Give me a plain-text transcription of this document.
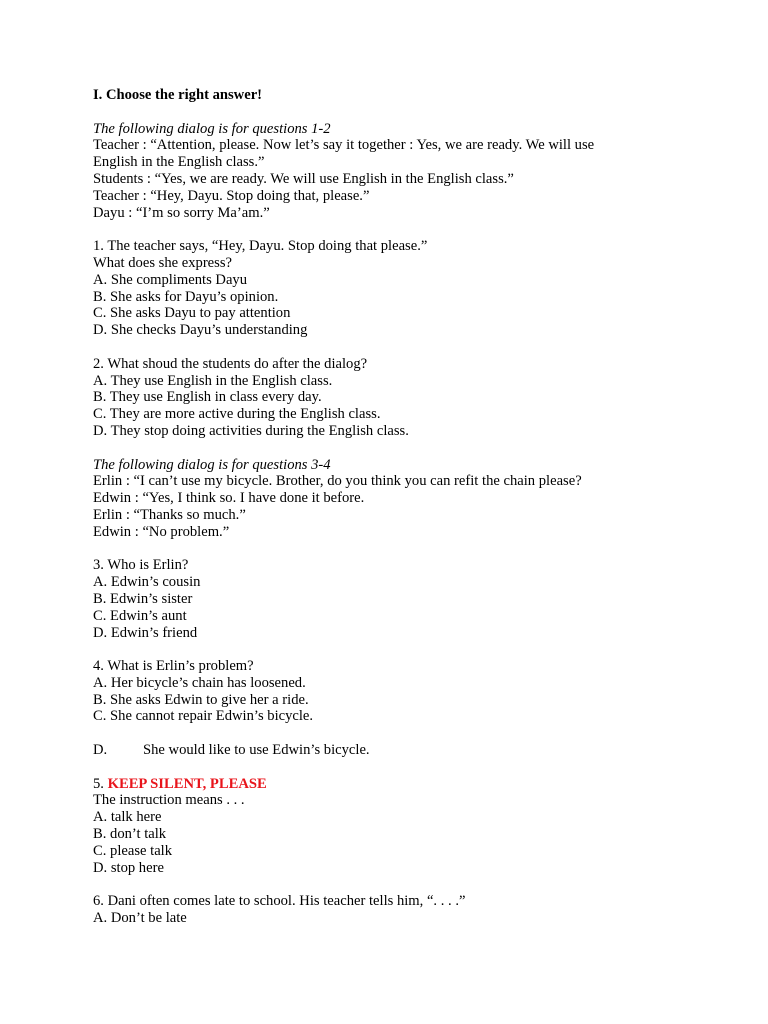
I. Choose the right answer!
The following dialog is for questions 1-2
Teacher : “Attention, please. Now let’s say it together : Yes, we are ready. We will use
English in the English class.”
Students : “Yes, we are ready. We will use English in the English class.”
Teacher : “Hey, Dayu. Stop doing that, please.”
Dayu : “I’m so sorry Ma’am.”
1. The teacher says, “Hey, Dayu. Stop doing that please.”
What does she express?
A. She compliments Dayu
B. She asks for Dayu’s opinion.
C. She asks Dayu to pay attention
D. She checks Dayu’s understanding
2. What shoud the students do after the dialog?
A. They use English in the English class.
B. They use English in class every day.
C. They are more active during the English class.
D. They stop doing activities during the English class.
The following dialog is for questions 3-4
Erlin : “I can’t use my bicycle. Brother, do you think you can refit the chain please?
Edwin : “Yes, I think so. I have done it before.
Erlin : “Thanks so much.”
Edwin : “No problem.”
3. Who is Erlin?
A. Edwin’s cousin
B. Edwin’s sister
C. Edwin’s aunt
D. Edwin’s friend
4. What is Erlin’s problem?
A. Her bicycle’s chain has loosened.
B. She asks Edwin to give her a ride.
C. She cannot repair Edwin’s bicycle.
D. She would like to use Edwin’s bicycle.
5. KEEP SILENT, PLEASE
The instruction means . . .
A. talk here
B. don’t talk
C. please talk
D. stop here
6. Dani often comes late to school. His teacher tells him, “. . . .”
A. Don’t be late
